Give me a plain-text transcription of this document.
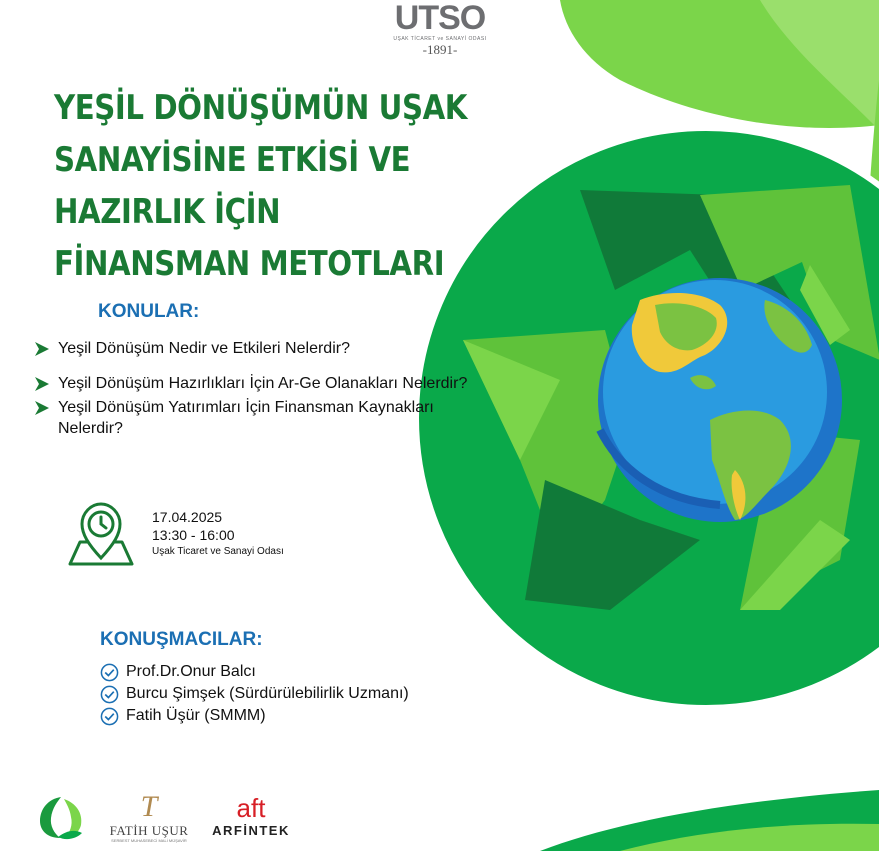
UTSO
UŞAK TİCARET ve SANAYİ ODASI
-1891-
YEŞİL DÖNÜŞÜMÜN UŞAK
SANAYİSİNE ETKİSİ VE HAZIRLIK İÇİN
FİNANSMAN METOTLARI
KONULAR:
Yeşil Dönüşüm Nedir ve Etkileri Nelerdir?
Yeşil Dönüşüm Hazırlıkları İçin Ar-Ge Olanakları Nelerdir?
Yeşil Dönüşüm Yatırımları İçin Finansman Kaynakları Nelerdir?
17.04.2025
13:30 - 16:00
Uşak Ticaret ve Sanayi Odası
KONUŞMACILAR:
Prof.Dr.Onur Balcı
Burcu Şimşek (Sürdürülebilirlik Uzmanı)
Fatih Üşür (SMMM)
T
FATİH UŞUR
SERBEST MUHASEBECİ MALİ MÜŞAVİR
aft
ARFİNTEK
